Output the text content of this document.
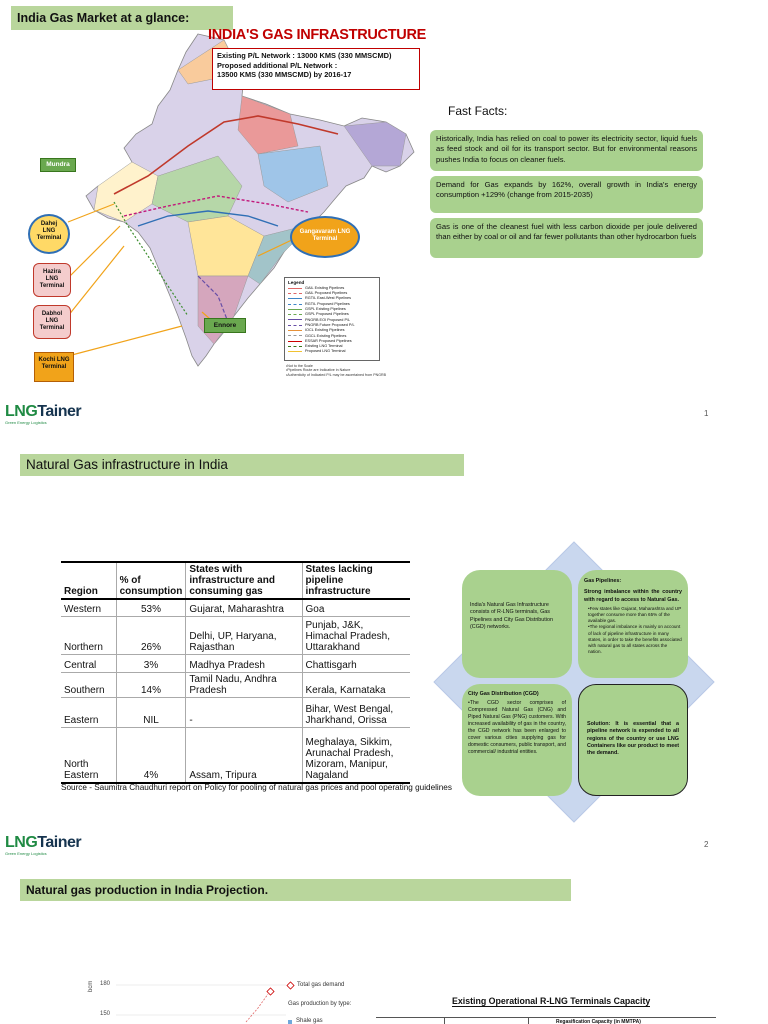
India Gas Market at a glance:
INDIA'S GAS INFRASTRUCTURE
Existing P/L Network : 13000 KMS (330 MMSCMD)
Proposed additional P/L Network :
13500 KMS (330 MMSCMD) by 2016-17
Mundra
Dahej LNG Terminal
Hazira LNG Terminal
Dabhol LNG Terminal
Kochi LNG Terminal
Gangavaram LNG Terminal
Ennore
Legend
GAIL Existing Pipelines
GAIL Proposed Pipelines
RGTIL East-West Pipelines
RGTIL Proposed Pipelines
GSPL Existing Pipelines
GSPL Proposed Pipelines
PNGRB EOI Proposed P/L
PNGRB Future Proposed P/L
IOCL Existing Pipelines
GGCL Existing Pipelines
ESSAR Proposed Pipelines
Existing LNG Terminal
Proposed LNG Terminal
•Not to the Scale
•Pipelines Route are Indicative in Nature
•Authenticity of Indicated P/L may be ascertained from PNGRB
Fast Facts:
Historically, India has relied on coal to power its electricity sector, liquid fuels as feed stock and oil for its transport sector. But for environmental reasons pushes India to focus on cleaner fuels.
Demand for Gas expands by 162%, overall growth in India's energy consumption +129% (change from 2015-2035)
Gas is one of the cleanest fuel with less carbon dioxide per joule delivered than either by coal or oil and far fewer pollutants than other hydrocarbon fuels
LNGTainer
Green Energy Logistics
1
Natural Gas infrastructure in India
Region	% of consumption	States with infrastructure and consuming gas	States lacking pipeline infrastructure
Western	53%	Gujarat, Maharashtra	Goa
Northern	26%	Delhi, UP, Haryana, Rajasthan	Punjab, J&K, Himachal Pradesh, Uttarakhand
Central	3%	Madhya Pradesh	Chattisgarh
Southern	14%	Tamil Nadu, Andhra Pradesh	Kerala, Karnataka
Eastern	NIL	-	Bihar, West Bengal, Jharkhand, Orissa
North Eastern	4%	Assam, Tripura	Meghalaya, Sikkim, Arunachal Pradesh, Mizoram, Manipur, Nagaland
Source - Saumitra Chaudhuri report on Policy for pooling of natural gas prices and pool operating guidelines
India's Natural Gas Infrastructure consists of R-LNG terminals, Gas Pipelines and City Gas Distribution (CGD) networks.
Gas Pipelines:
Strong imbalance within the country with regard to access to Natural Gas.
•Few states like Gujarat, Maharashtra and UP together consume more than 65% of the available gas.
•The regional imbalance is mainly on account of lack of pipeline infrastructure in many states, in order to take the benefits associated with natural gas to all states across the nation.
City Gas Distribution (CGD)
•The CGD sector comprises of Compressed Natural Gas (CNG) and Piped Natural Gas (PNG) customers. With increased availability of gas in the country, the CGD network has been enlarged to cover various cities supplying gas for domestic consumers, public transport, and commercial/ industrial entities.
Solution: It is essential that a pipeline network is expended to all regions of the country or use LNG Containers like our product to meet the demand.
LNGTainer
Green Energy Logistics
2
Natural gas production in India Projection.
bcm 180
150
Total gas demand
Gas production by type:
Shale gas
Existing Operational R-LNG Terminals Capacity
Regasification Capacity (in MMTPA)
